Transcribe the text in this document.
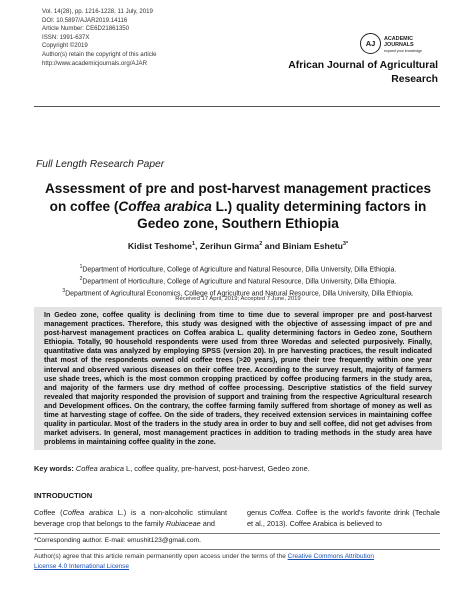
Vol. 14(28), pp. 1216-1228, 11 July, 2019
DOI: 10.5897/AJAR2019.14116
Article Number: CE6D21861350
ISSN: 1991-637X
Copyright ©2019
Author(s) retain the copyright of this article
http://www.academicjournals.org/AJAR
AJ	ACADEMIC
JOURNALS
expand your knowledge
African Journal of Agricultural
Research
Full Length Research Paper
Assessment of pre and post-harvest management practices on coffee (Coffea arabica L.) quality determining factors in Gedeo zone, Southern Ethiopia
Kidist Teshome$^1$, Zerihun Girma$^2$ and Biniam Eshetu$^{3*}$
$^1$Department of Horticulture, College of Agriculture and Natural Resource, Dilla University, Dilla Ethiopia.
$^2$Department of Horticulture, College of Agriculture and Natural Resource, Dilla University, Dilla Ethiopia.
$^3$Department of Agricultural Economics, College of Agriculture and Natural Resource, Dilla University, Dilla Ethiopia.
Received 17 April, 2019; Accepted 7 June, 2019
In Gedeo zone, coffee quality is declining from time to time due to several improper pre and post-harvest management practices. Therefore, this study was designed with the objective of assessing impact of pre and post-harvest management practices on Coffea arabica L. quality determining factors in Gedeo zone, Southern Ethiopia. Totally, 90 household respondents were used from three Woredas and selected purposively. Finally, quantitative data was analyzed by employing SPSS (version 20). In pre harvesting practices, the result indicated that most of the respondents owned old coffee trees (>20 years), prune their tree frequently within one year interval and observed various diseases on their coffee tree. According to the survey result, majority of farmers use shade trees, which is the most common cropping practiced by coffee producing farmers in the study area, and majority of the farmers use dry method of coffee processing. Descriptive statistics of the field survey revealed that majority responded the provision of support and training from the respective Agricultural research and Development offices. On the contrary, the coffee farming family suffered from shortage of money as well as time at harvesting stage of coffee. On the side of traders, they received extension services in maintaining coffee quality in particular. Most of the traders in the study area in order to buy and sell coffee, did not get advises from market advisers. In general, most management practices in addition to trading methods in the study area have problems in maintaining coffee quality in the zone.
Key words: Coffea arabica L, coffee quality, pre-harvest, post-harvest, Gedeo zone.
INTRODUCTION
Coffee (Coffea arabica L.) is a non-alcoholic stimulant beverage crop that belongs to the family Rubiaceae and
genus Coffea. Coffee is the world's favorite drink (Techale et al., 2013). Coffee Arabica is believed to
*Corresponding author. E-mail: emushit123@gmail.com.
Author(s) agree that this article remain permanently open access under the terms of the Creative Commons Attribution
License 4.0 International License
